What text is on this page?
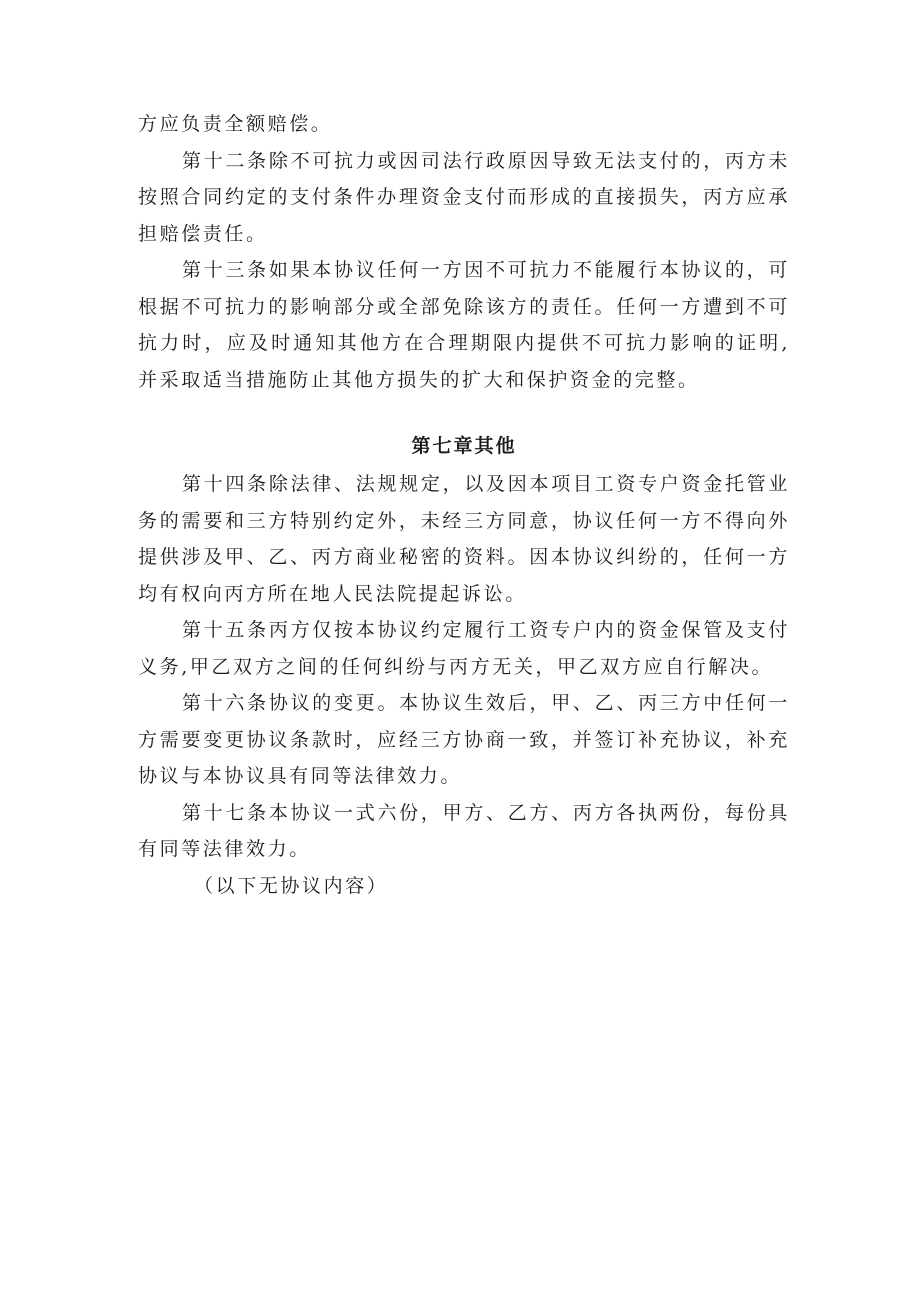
方应负责全额赔偿。

第十二条除不可抗力或因司法行政原因导致无法支付的，丙方未按照合同约定的支付条件办理资金支付而形成的直接损失，丙方应承担赔偿责任。

第十三条如果本协议任何一方因不可抗力不能履行本协议的，可根据不可抗力的影响部分或全部免除该方的责任。任何一方遭到不可抗力时，应及时通知其他方在合理期限内提供不可抗力影响的证明,并采取适当措施防止其他方损失的扩大和保护资金的完整。

第七章其他

第十四条除法律、法规规定，以及因本项目工资专户资金托管业务的需要和三方特别约定外，未经三方同意，协议任何一方不得向外提供涉及甲、乙、丙方商业秘密的资料。因本协议纠纷的，任何一方均有权向丙方所在地人民法院提起诉讼。

第十五条丙方仅按本协议约定履行工资专户内的资金保管及支付义务,甲乙双方之间的任何纠纷与丙方无关，甲乙双方应自行解决。

第十六条协议的变更。本协议生效后，甲、乙、丙三方中任何一方需要变更协议条款时，应经三方协商一致，并签订补充协议，补充协议与本协议具有同等法律效力。

第十七条本协议一式六份，甲方、乙方、丙方各执两份，每份具有同等法律效力。

（以下无协议内容）
